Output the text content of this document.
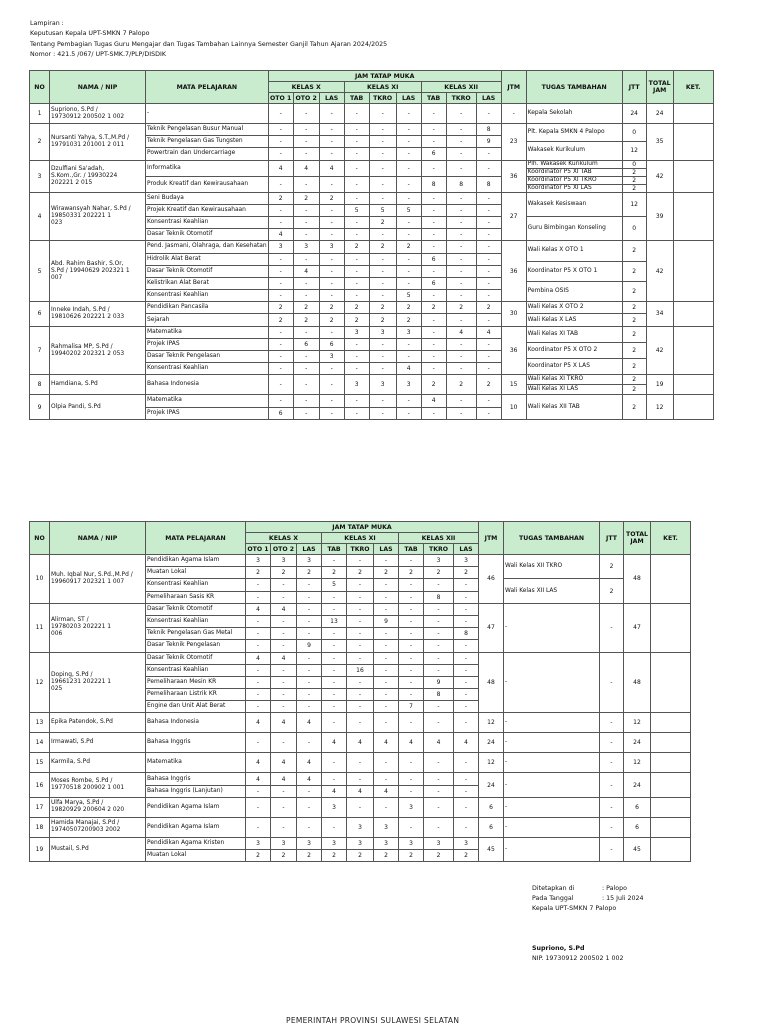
Lampiran :
Keputusan Kepala UPT-SMKN 7 Palopo
Tentang Pembagian Tugas Guru Mengajar dan Tugas Tambahan Lainnya Semester Ganjil Tahun Ajaran 2024/2025
Nomor : 421.5 /067/ UPT-SMK.7/PLP/DISDIK
NO	NAMA / NIP	MATA PELAJARAN	JAM TATAP MUKA									JTM	TUGAS TAMBAHAN	JTT	TOTAL JAM	KET.
			KELAS X			KELAS XI			KELAS XII							
			OTO 1	OTO 2	LAS	TAB	TKRO	LAS	TAB	TKRO	LAS					
1	Supriono, S.Pd /
19730912 200502 1 002	-	-	-	-	-	-	-	-	-	-	-	Kepala Sekolah	24	24	
2	Nursanti Yahya, S.T.,M.Pd /
19791031 201001 2 011	Teknik Pengelasan Busur Manual	-	-	-	-	-	-	-	-	8	23	Plt. Kepala SMKN 4 Palopo	0	35	

		Teknik Pengelasan Gas Tungsten	-	-	-	-	-	-	-	-	9					
													Wakasek Kurikulum	12		
		Powertrain dan Undercarriage	-	-	-	-	-	-	6	-	-					

3	Dzulfiani Sa'adah,
S.Kom.,Gr. / 19930224
202221 2 015	Informatika	4	4	4	-	-	-	-	-	-	36	Plh. Wakasek Kurikulum	0	42	
													Koordinator P5 XI TAB	2		
		Produk Kreatif dan Kewirausahaan	-	-	-	-	-	-	8	8	8		Koordinator P5 XI TKRO	2		
													Koordinator P5 XI LAS	2		
4	Wirawansyah Nahar, S.Pd /
19850331 202221 1
023	Seni Budaya	2	2	2	-	-	-	-	-	-	27	Wakasek Kesiswaan	12	39	
		Projek Kreatif dan Kewirausahaan	-	-	-	5	5	5	-	-	-					
		Konsentrasi Keahlian	-	-	-	-	2	-	-	-	-		Guru Bimbingan Konseling	0		
		Dasar Teknik Otomotif	4	-	-	-	-	-	-	-	-					
5	Abd. Rahim Bashir, S.Or,
S.Pd / 19940629 202321 1
007	Pend. Jasmani, Olahraga, dan Kesehatan	3	3	3	2	2	2	-	-	-	36	Wali Kelas X OTO 1	2	42	

		Hidrolik Alat Berat	-	-	-	-	-	-	6	-	-					

													Koordinator P5 X OTO 1	2		
		Dasar Teknik Otomotif	-	4	-	-	-	-	-	-	-					

		Kelistrikan Alat Berat	-	-	-	-	-	-	6	-	-					
													Pembina OSIS	2		

		Konsentrasi Keahlian	-	-	-	-	-	5	-	-	-					

6	Inneke Indah, S.Pd /
19810626 202221 2 033	Pendidikan Pancasila	2	2	2	2	2	2	2	2	2	30	Wali Kelas X OTO 2	2	34	
		Sejarah	2	2	2	2	2	2	-	-	-		Wali Kelas X LAS	2		
7	Rahmalisa MP, S.Pd /
19940202 202321 2 053	Matematika	-	-	-	3	3	3	-	4	4	36	Wali Kelas XI TAB	2	42	

		Projek IPAS	-	6	6	-	-	-	-	-	-					
													Koordinator P5 X OTO 2	2		

		Dasar Teknik Pengelasan	-	-	3	-	-	-	-	-	-					

													Koordinator P5 X LAS	2		
		Konsentrasi Keahlian	-	-	-	-	-	4	-	-	-					

8	Hamdiana, S.Pd	Bahasa Indonesia	-	-	-	3	3	3	2	2	2	15	Wali Kelas XI TKRO	2	19	
													Wali Kelas XI LAS	2		
9	Olpia Pandi, S.Pd	Matematika	-	-	-	-	-	-	4	-	-	10	Wali Kelas XII TAB	2	12	
		Projek IPAS	6	-	-	-	-	-	-	-	-					
NO	NAMA / NIP	MATA PELAJARAN	JAM TATAP MUKA									JTM	TUGAS TAMBAHAN	JTT	TOTAL JAM	KET.
			KELAS X			KELAS XI			KELAS XII							
			OTO 1	OTO 2	LAS	TAB	TKRO	LAS	TAB	TKRO	LAS					
10	Muh. Iqbal Nur, S.Pd.,M.Pd /
19960917 202321 1 007	Pendidikan Agama Islam	3	3	3	-	-	-	-	3	3	46	Wali Kelas XII TKRO	2	48	
		Muatan Lokal	2	2	2	2	2	2	2	2	2					
		Konsentrasi Keahlian	-	-	-	5	-	-	-	-	-		Wali Kelas XII LAS	2		
		Pemeliharaan Sasis KR	-	-	-	-	-	-	-	8	-					
11	Alirman, ST /
19780203 202221 1
006	Dasar Teknik Otomotif	4	4	-	-	-	-	-	-	-	47	-	-	47	
		Konsentrasi Keahlian	-	-	-	13	-	9	-	-	-					
		Teknik Pengelasan Gas Metal	-	-	-	-	-	-	-	-	8					
		Dasar Teknik Pengelasan	-	-	9	-	-	-	-	-	-					
12	Doping, S.Pd /
19661231 202221 1
025	Dasar Teknik Otomotif	4	4	-	-	-	-	-	-	-	48	-	-	48	
		Konsentrasi Keahlian	-	-	-	-	16	-	-	-	-					
		Pemeliharaan Mesin KR	-	-	-	-	-	-	-	9	-					
		Pemeliharaan Listrik KR	-	-	-	-	-	-	-	8	-					
		Engine dan Unit Alat Berat	-	-	-	-	-	-	7	-	-					
13	Epika Patendok, S.Pd	Bahasa Indonesia	4	4	4	-	-	-	-	-	-	12	-	-	12	
14	Irmawati, S.Pd	Bahasa Inggris	-	-	-	4	4	4	4	4	4	24	-	-	24	
15	Karmila, S.Pd	Matematika	4	4	4	-	-	-	-	-	-	12	-	-	12	
16	Moses Rombe, S.Pd /
19770518 200902 1 001	Bahasa Inggris	4	4	4	-	-	-	-	-	-	24	-	-	24	
		Bahasa Inggris (Lanjutan)	-	-	-	4	4	4	-	-	-					
17	Ulfa Marya, S.Pd /
19820929 200604 2 020	Pendidikan Agama Islam	-	-	-	3	-	-	3	-	-	6	-	-	6	
18	Hamida Manajai, S.Pd /
19740507200903 2002	Pendidikan Agama Islam	-	-	-	-	3	3	-	-	-	6	-	-	6	
19	Mustail, S.Pd	Pendidikan Agama Kristen	3	3	3	3	3	3	3	3	3	45	-	-	45	
		Muatan Lokal	2	2	2	2	2	2	2	2	2					
Ditetapkan di	: Palopo
Pada Tanggal	: 15 Juli 2024
Kepala UPT-SMKN 7 Palopo
Supriono, S.Pd
NIP. 19730912 200502 1 002
PEMERINTAH PROVINSI SULAWESI SELATAN
